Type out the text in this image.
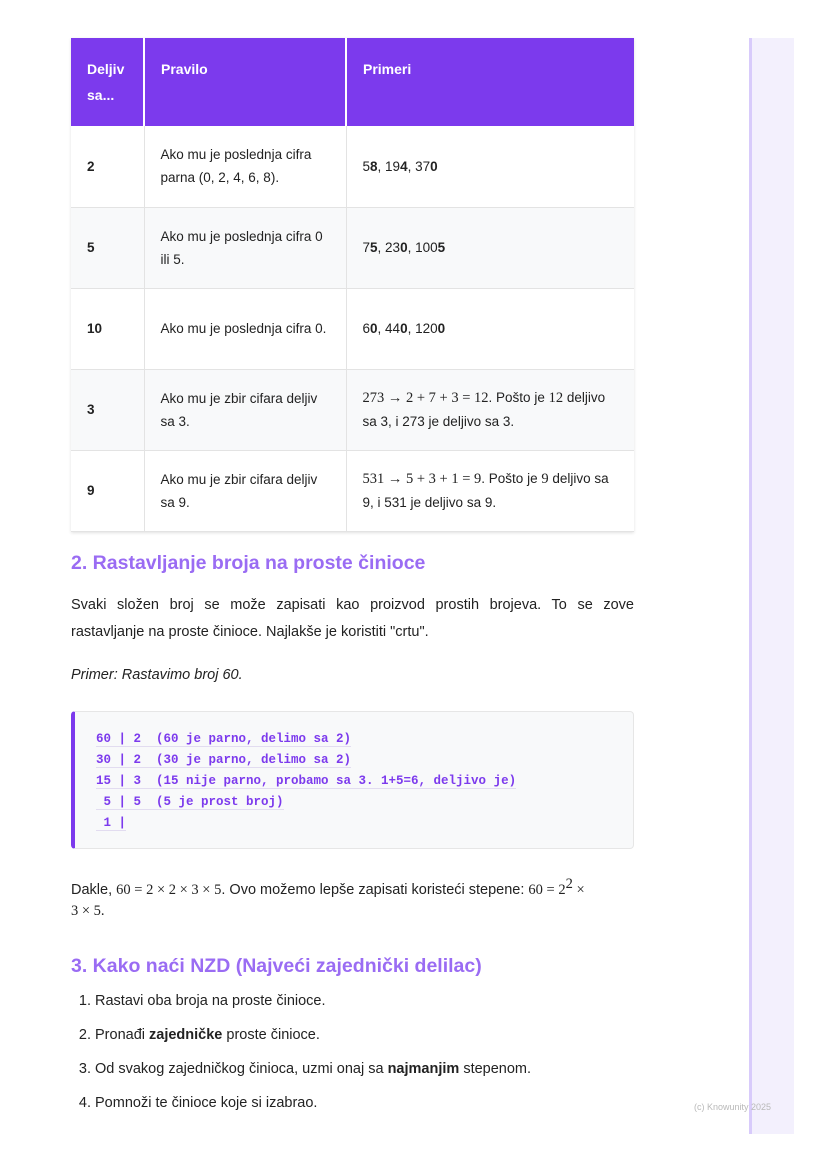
(c) Knowunity 2025
Deljiv sa...	Pravilo	Primeri
2	Ako mu je poslednja cifra parna (0, 2, 4, 6, 8).	58, 194, 370
5	Ako mu je poslednja cifra 0 ili 5.	75, 230, 1005
10	Ako mu je poslednja cifra 0.	60, 440, 1200
3	Ako mu je zbir cifara deljiv sa 3.	273 → 2 + 7 + 3 = 12. Pošto je 12 deljivo sa 3, i 273 je deljivo sa 3.
9	Ako mu je zbir cifara deljiv sa 9.	531 → 5 + 3 + 1 = 9. Pošto je 9 deljivo sa 9, i 531 je deljivo sa 9.
2. Rastavljanje broja na proste činioce

Svaki složen broj se može zapisati kao proizvod prostih brojeva. To se zove

rastavljanje na proste činioce. Najlakše je koristiti "crtu".

Primer: Rastavimo broj 60.

60 | 2  (60 je parno, delimo sa 2)
30 | 2  (30 je parno, delimo sa 2)
15 | 3  (15 nije parno, probamo sa 3. 1+5=6, deljivo je)
5 | 5  (5 je prost broj)
1 |

Dakle, 60 = 2 × 2 × 3 × 5. Ovo možemo lepše zapisati koristeći stepene: $60 = 2^2$ ×

3 × 5.

3. Kako naći NZD (Najveći zajednički delilac)
1. Rastavi oba broja na proste činioce.
2. Pronađi zajedničke proste činioce.
3. Od svakog zajedničkog činioca, uzmi onaj sa najmanjim stepenom.
4. Pomnoži te činioce koje si izabrao.
